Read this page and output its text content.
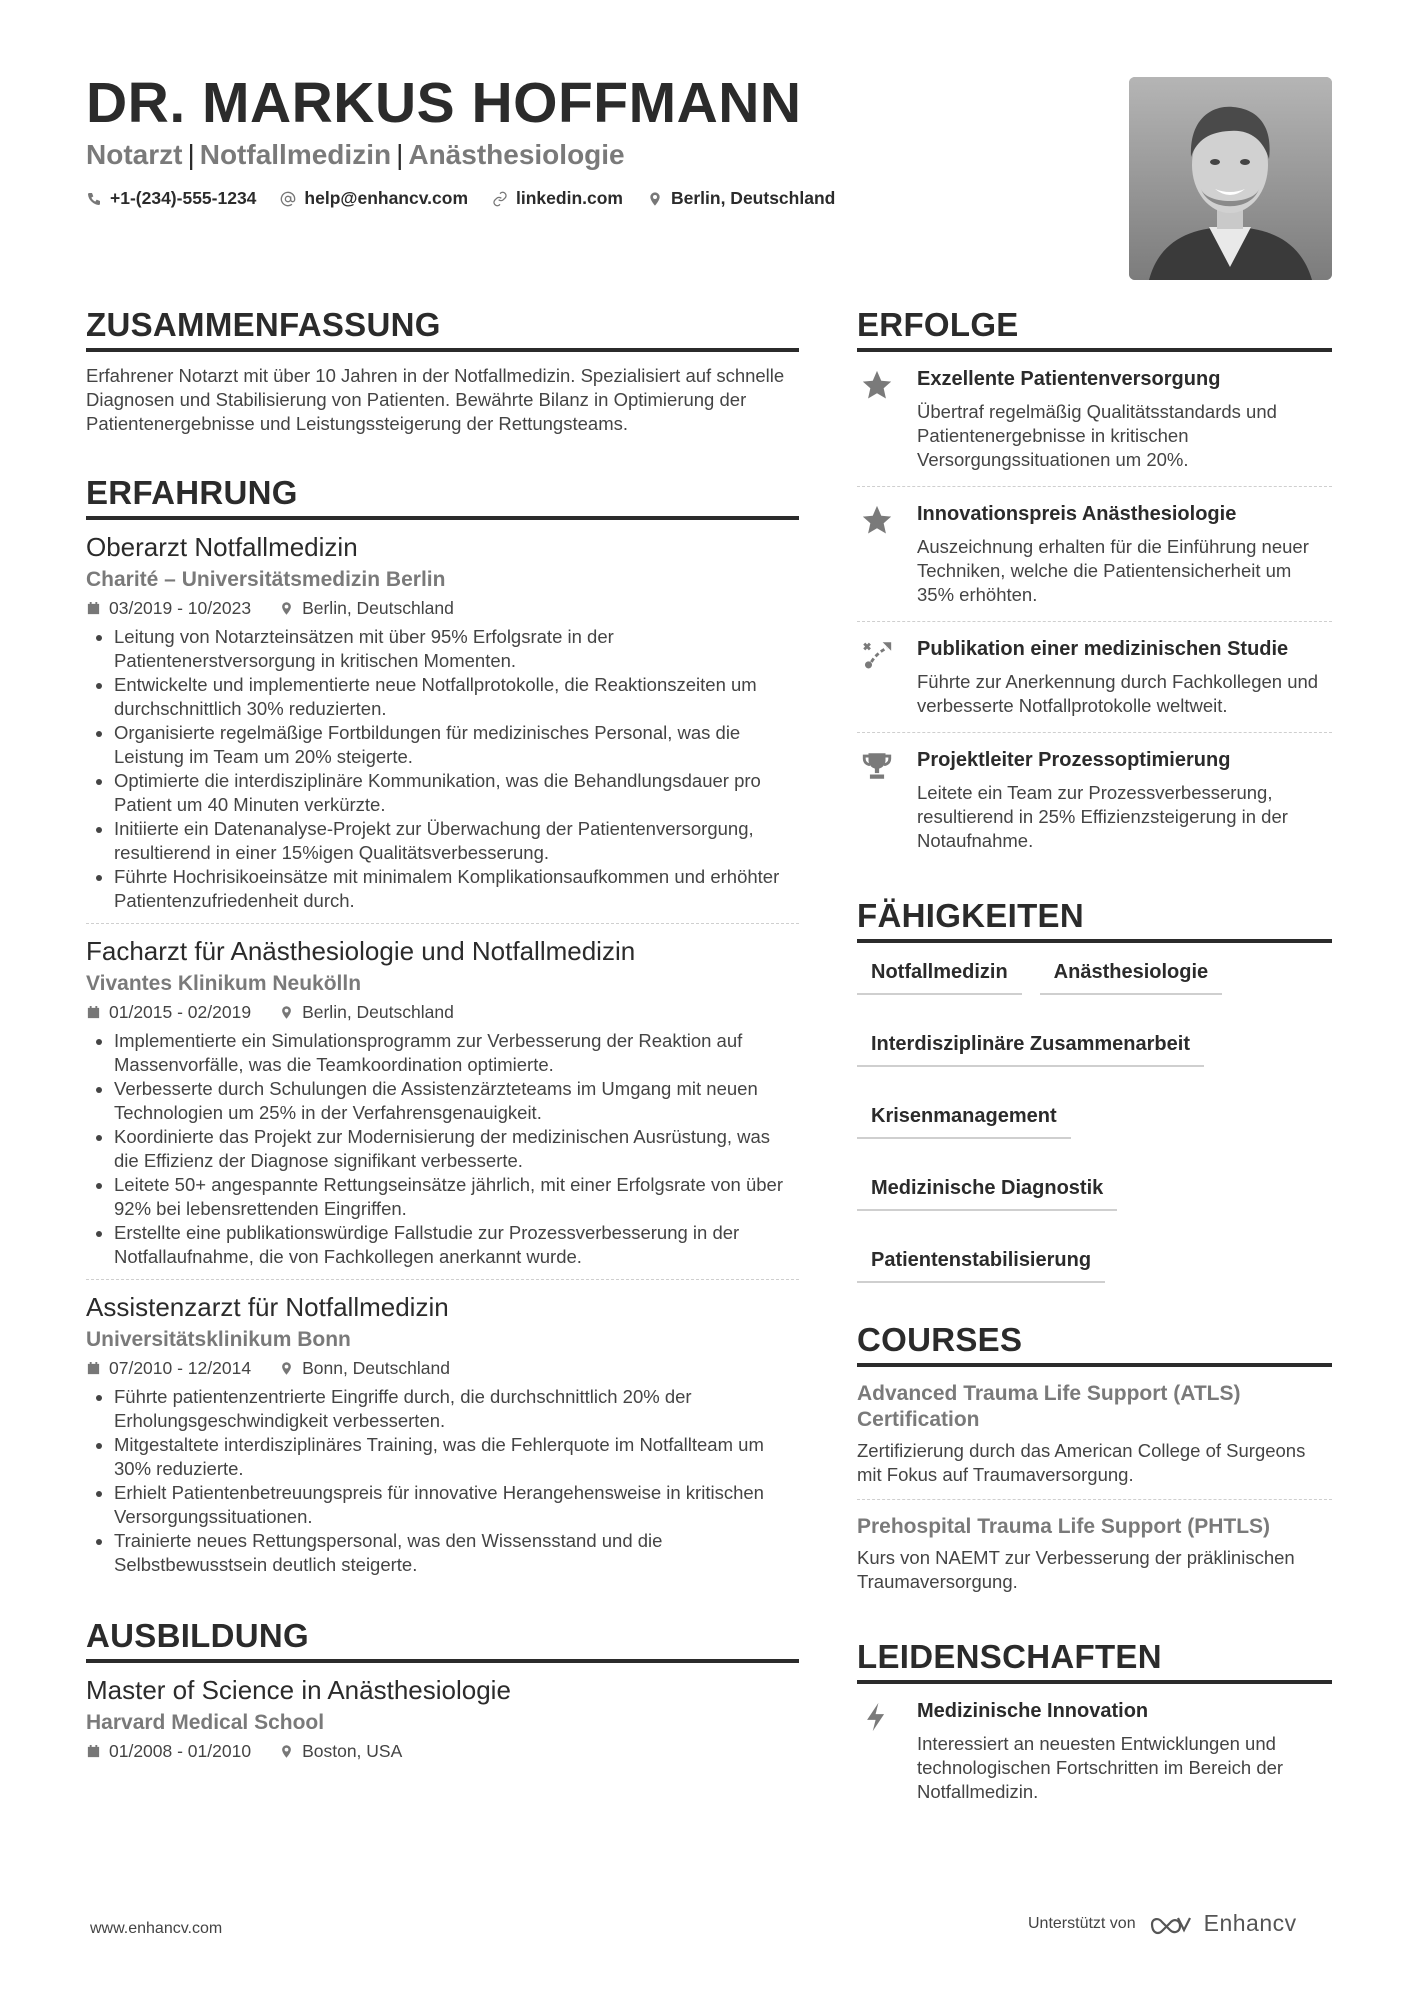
DR. MARKUS HOFFMANN
Notarzt | Notfallmedizin | Anästhesiologie
+1-(234)-555-1234	help@enhancv.com	linkedin.com	Berlin, Deutschland
ZUSAMMENFASSUNG
Erfahrener Notarzt mit über 10 Jahren in der Notfallmedizin. Spezialisiert auf schnelle Diagnosen und Stabilisierung von Patienten. Bewährte Bilanz in Optimierung der Patientenergebnisse und Leistungssteigerung der Rettungsteams.
ERFAHRUNG
Oberarzt Notfallmedizin
Charité – Universitätsmedizin Berlin
03/2019 - 10/2023	Berlin, Deutschland
• Leitung von Notarzteinsätzen mit über 95% Erfolgsrate in der Patientenerstversorgung in kritischen Momenten.
• Entwickelte und implementierte neue Notfallprotokolle, die Reaktionszeiten um durchschnittlich 30% reduzierten.
• Organisierte regelmäßige Fortbildungen für medizinisches Personal, was die Leistung im Team um 20% steigerte.
• Optimierte die interdisziplinäre Kommunikation, was die Behandlungsdauer pro Patient um 40 Minuten verkürzte.
• Initiierte ein Datenanalyse-Projekt zur Überwachung der Patientenversorgung, resultierend in einer 15%igen Qualitätsverbesserung.
• Führte Hochrisikoeinsätze mit minimalem Komplikationsaufkommen und erhöhter Patientenzufriedenheit durch.
Facharzt für Anästhesiologie und Notfallmedizin
Vivantes Klinikum Neukölln
01/2015 - 02/2019	Berlin, Deutschland
• Implementierte ein Simulationsprogramm zur Verbesserung der Reaktion auf Massenvorfälle, was die Teamkoordination optimierte.
• Verbesserte durch Schulungen die Assistenzärzteteams im Umgang mit neuen Technologien um 25% in der Verfahrensgenauigkeit.
• Koordinierte das Projekt zur Modernisierung der medizinischen Ausrüstung, was die Effizienz der Diagnose signifikant verbesserte.
• Leitete 50+ angespannte Rettungseinsätze jährlich, mit einer Erfolgsrate von über 92% bei lebensrettenden Eingriffen.
• Erstellte eine publikationswürdige Fallstudie zur Prozessverbesserung in der Notfallaufnahme, die von Fachkollegen anerkannt wurde.
Assistenzarzt für Notfallmedizin
Universitätsklinikum Bonn
07/2010 - 12/2014	Bonn, Deutschland
• Führte patientenzentrierte Eingriffe durch, die durchschnittlich 20% der Erholungsgeschwindigkeit verbesserten.
• Mitgestaltete interdisziplinäres Training, was die Fehlerquote im Notfallteam um 30% reduzierte.
• Erhielt Patientenbetreuungspreis für innovative Herangehensweise in kritischen Versorgungssituationen.
• Trainierte neues Rettungspersonal, was den Wissensstand und die Selbstbewusstsein deutlich steigerte.
AUSBILDUNG
Master of Science in Anästhesiologie
Harvard Medical School
01/2008 - 01/2010	Boston, USA
ERFOLGE
Exzellente Patientenversorgung
Übertraf regelmäßig Qualitätsstandards und Patientenergebnisse in kritischen Versorgungssituationen um 20%.
Innovationspreis Anästhesiologie
Auszeichnung erhalten für die Einführung neuer Techniken, welche die Patientensicherheit um 35% erhöhten.
Publikation einer medizinischen Studie
Führte zur Anerkennung durch Fachkollegen und verbesserte Notfallprotokolle weltweit.
Projektleiter Prozessoptimierung
Leitete ein Team zur Prozessverbesserung, resultierend in 25% Effizienzsteigerung in der Notaufnahme.
FÄHIGKEITEN
Notfallmedizin	Anästhesiologie
Interdisziplinäre Zusammenarbeit
Krisenmanagement
Medizinische Diagnostik
Patientenstabilisierung
COURSES
Advanced Trauma Life Support (ATLS) Certification
Zertifizierung durch das American College of Surgeons mit Fokus auf Traumaversorgung.
Prehospital Trauma Life Support (PHTLS)
Kurs von NAEMT zur Verbesserung der präklinischen Traumaversorgung.
LEIDENSCHAFTEN
Medizinische Innovation
Interessiert an neuesten Entwicklungen und technologischen Fortschritten im Bereich der Notfallmedizin.
www.enhancv.com	Unterstützt von	Enhancv
